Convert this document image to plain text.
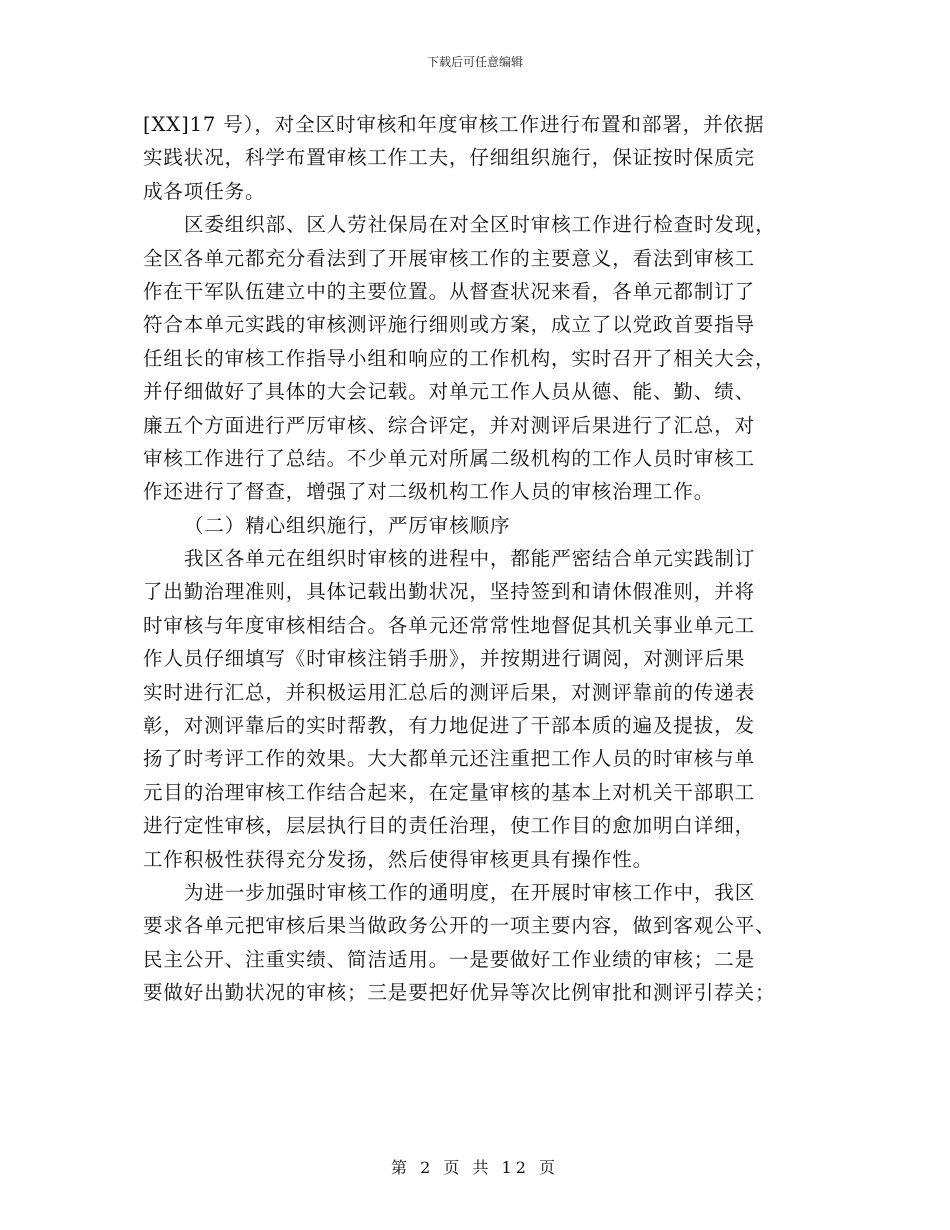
下载后可任意编辑
[XX]17 号），对全区时审核和年度审核工作进行布置和部署，并依据
实践状况，科学布置审核工作工夫，仔细组织施行，保证按时保质完
成各项任务。
区委组织部、区人劳社保局在对全区时审核工作进行检查时发现，
全区各单元都充分看法到了开展审核工作的主要意义，看法到审核工
作在干军队伍建立中的主要位置。从督查状况来看，各单元都制订了
符合本单元实践的审核测评施行细则或方案，成立了以党政首要指导
任组长的审核工作指导小组和响应的工作机构，实时召开了相关大会，
并仔细做好了具体的大会记载。对单元工作人员从德、能、勤、绩、
廉五个方面进行严厉审核、综合评定，并对测评后果进行了汇总，对
审核工作进行了总结。不少单元对所属二级机构的工作人员时审核工
作还进行了督查，增强了对二级机构工作人员的审核治理工作。
（二）精心组织施行，严厉审核顺序
我区各单元在组织时审核的进程中，都能严密结合单元实践制订
了出勤治理准则，具体记载出勤状况，坚持签到和请休假准则，并将
时审核与年度审核相结合。各单元还常常性地督促其机关事业单元工
作人员仔细填写《时审核注销手册》，并按期进行调阅，对测评后果
实时进行汇总，并积极运用汇总后的测评后果，对测评靠前的传递表
彰，对测评靠后的实时帮教，有力地促进了干部本质的遍及提拔，发
扬了时考评工作的效果。大大都单元还注重把工作人员的时审核与单
元目的治理审核工作结合起来，在定量审核的基本上对机关干部职工
进行定性审核，层层执行目的责任治理，使工作目的愈加明白详细，
工作积极性获得充分发扬，然后使得审核更具有操作性。
为进一步加强时审核工作的通明度，在开展时审核工作中，我区
要求各单元把审核后果当做政务公开的一项主要内容，做到客观公平、
民主公开、注重实绩、简洁适用。一是要做好工作业绩的审核；二是
要做好出勤状况的审核；三是要把好优异等次比例审批和测评引荐关；
第 2 页 共 12 页
